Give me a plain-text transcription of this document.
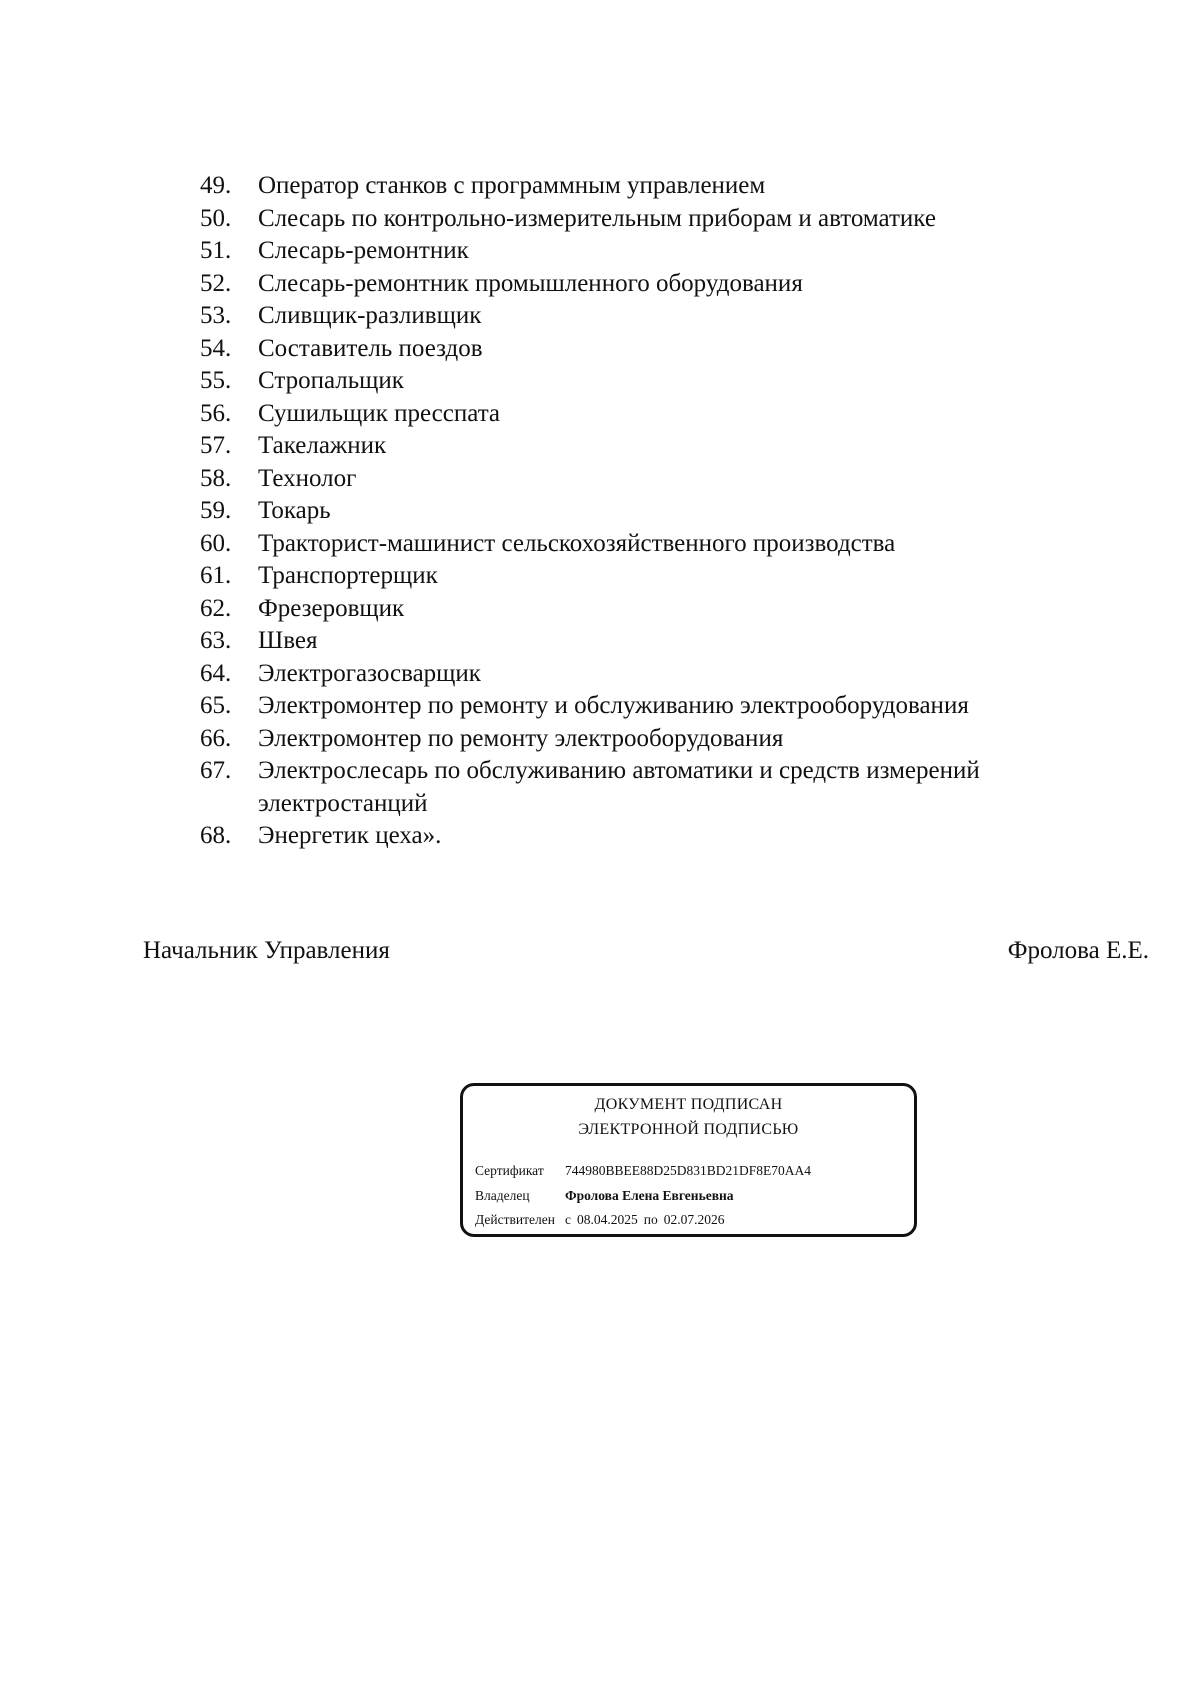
49.	Оператор станков с программным управлением
50.	Слесарь по контрольно-измерительным приборам и автоматике
51.	Слесарь-ремонтник
52.	Слесарь-ремонтник промышленного оборудования
53.	Сливщик-разливщик
54.	Составитель поездов
55.	Стропальщик
56.	Сушильщик пресспата
57.	Такелажник
58.	Технолог
59.	Токарь
60.	Тракторист-машинист сельскохозяйственного производства
61.	Транспортерщик
62.	Фрезеровщик
63.	Швея
64.	Электрогазосварщик
65.	Электромонтер по ремонту и обслуживанию электрооборудования
66.	Электромонтер по ремонту электрооборудования
67.	Электрослесарь по обслуживанию автоматики и средств измерений
электростанций
68.	Энергетик цеха».
Начальник Управления	Фролова Е.Е.
ДОКУМЕНТ ПОДПИСАН
ЭЛЕКТРОННОЙ ПОДПИСЬЮ
Сертификат 744980BBEE88D25D831BD21DF8E70AA4
Владелец	Фролова Елена Евгеньевна
Действителен с 08.04.2025 по 02.07.2026
